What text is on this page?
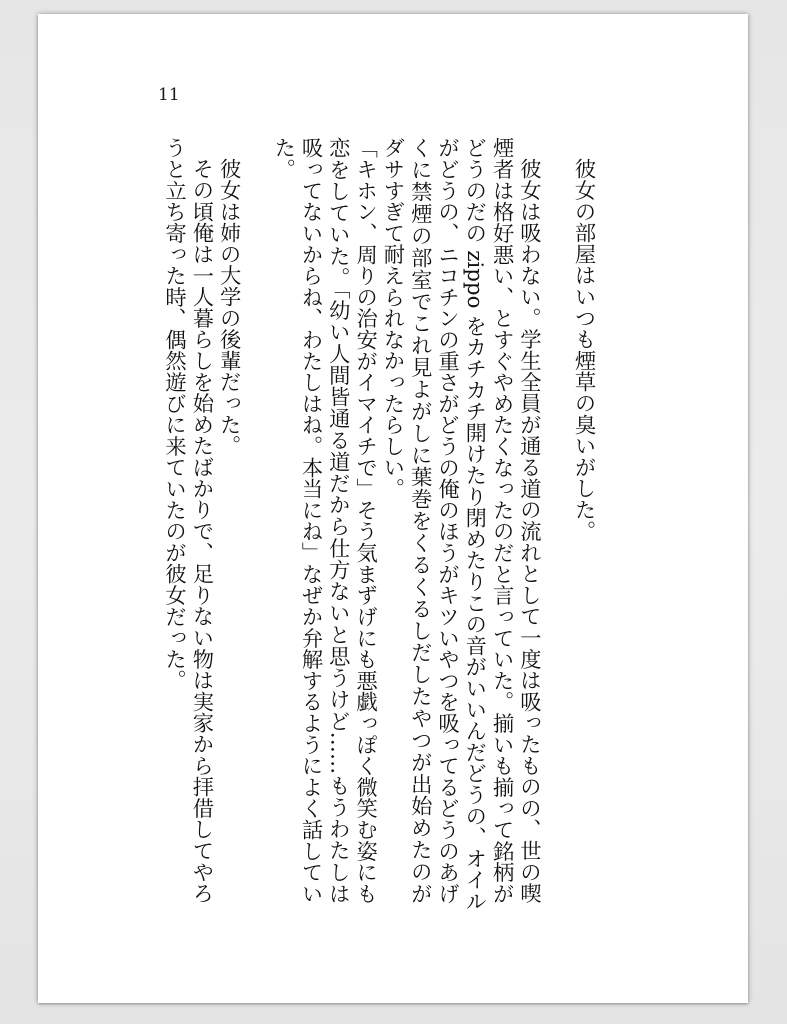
11
彼女の部屋はいつも煙草の臭いがした。
彼女は吸わない。学生全員が通る道の流れとして一度は吸ったものの、世の喫
煙者は格好悪い、とすぐやめたくなったのだと言っていた。揃いも揃って銘柄が
どうのだの zippo をカチカチ開けたり閉めたりこの音がいいんだどうの、オイル
がどうの、ニコチンの重さがどうの俺のほうがキツいやつを吸ってるどうのあげ
くに禁煙の部室でこれ見よがしに葉巻をくるくるしだしたやつが出始めたのが
ダサすぎて耐えられなかったらしい。
「キホン、周りの治安がイマイチで」そう気まずげにも悪戯っぽく微笑む姿にも
恋をしていた。「幼い人間皆通る道だから仕方ないと思うけど……もうわたしは
吸ってないからね、わたしはね。本当にね」なぜか弁解するようによく話してい
た。
彼女は姉の大学の後輩だった。
その頃俺は一人暮らしを始めたばかりで、足りない物は実家から拝借してやろ
うと立ち寄った時、偶然遊びに来ていたのが彼女だった。
